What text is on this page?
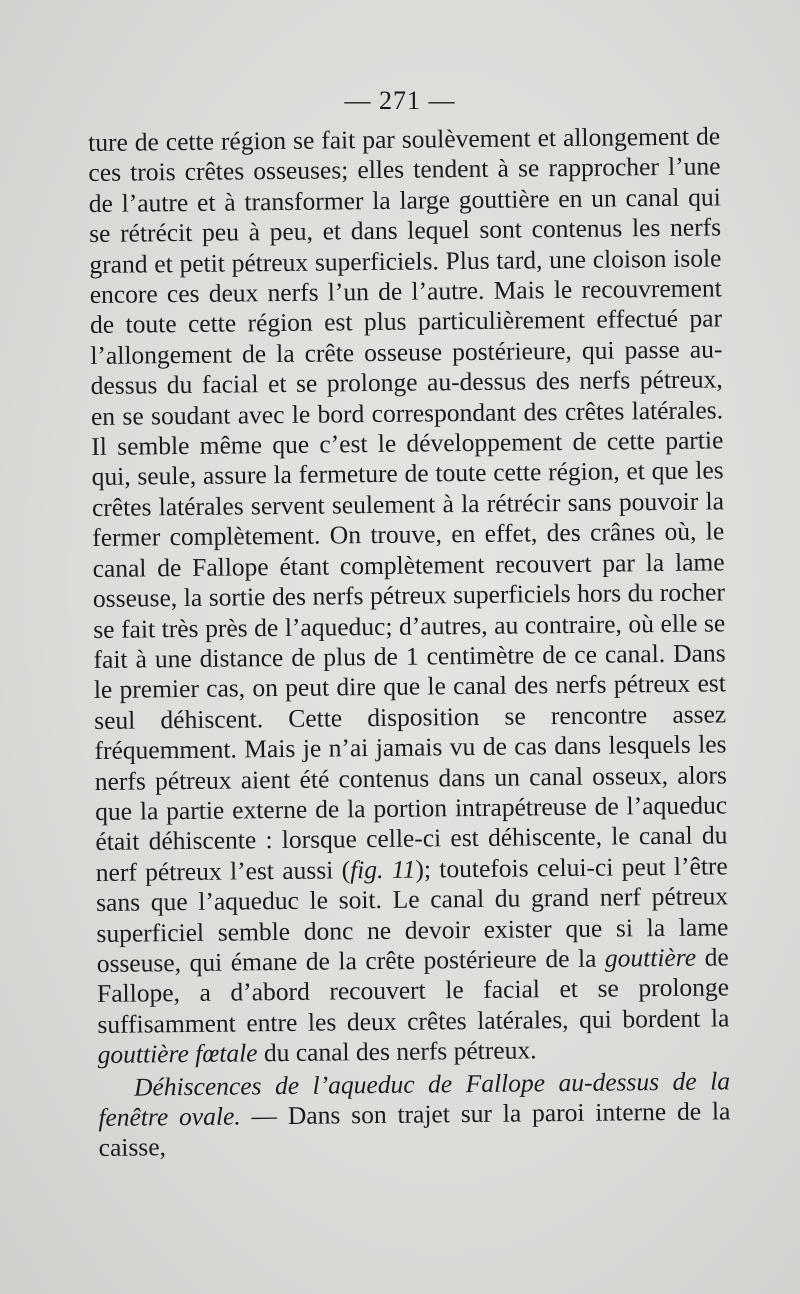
— 271 —

ture de cette région se fait par soulèvement et allongement de ces trois crêtes osseuses; elles tendent à se rapprocher l’une de l’autre et à transformer la large gouttière en un canal qui se rétrécit peu à peu, et dans lequel sont contenus les nerfs grand et petit pétreux superficiels. Plus tard, une cloison isole encore ces deux nerfs l’un de l’autre. Mais le recouvrement de toute cette région est plus particulièrement effectué par l’allongement de la crête osseuse postérieure, qui passe au-dessus du facial et se prolonge au-dessus des nerfs pétreux, en se soudant avec le bord correspondant des crêtes latérales. Il semble même que c’est le développement de cette partie qui, seule, assure la fermeture de toute cette région, et que les crêtes latérales servent seulement à la rétrécir sans pouvoir la fermer complètement. On trouve, en effet, des crânes où, le canal de Fallope étant complètement recouvert par la lame osseuse, la sortie des nerfs pétreux superficiels hors du rocher se fait très près de l’aqueduc; d’autres, au contraire, où elle se fait à une distance de plus de 1 centimètre de ce canal. Dans le premier cas, on peut dire que le canal des nerfs pétreux est seul déhiscent. Cette disposition se rencontre assez fréquemment. Mais je n’ai jamais vu de cas dans lesquels les nerfs pétreux aient été contenus dans un canal osseux, alors que la partie externe de la portion intrapétreuse de l’aqueduc était déhiscente : lorsque celle-ci est déhiscente, le canal du nerf pétreux l’est aussi (fig. 11); toutefois celui-ci peut l’être sans que l’aqueduc le soit. Le canal du grand nerf pétreux superficiel semble donc ne devoir exister que si la lame osseuse, qui émane de la crête postérieure de la gouttière de Fallope, a d’abord recouvert le facial et se prolonge suffisamment entre les deux crêtes latérales, qui bordent la gouttière fœtale du canal des nerfs pétreux.

Déhiscences de l’aqueduc de Fallope au-dessus de la fenêtre ovale. — Dans son trajet sur la paroi interne de la caisse,
